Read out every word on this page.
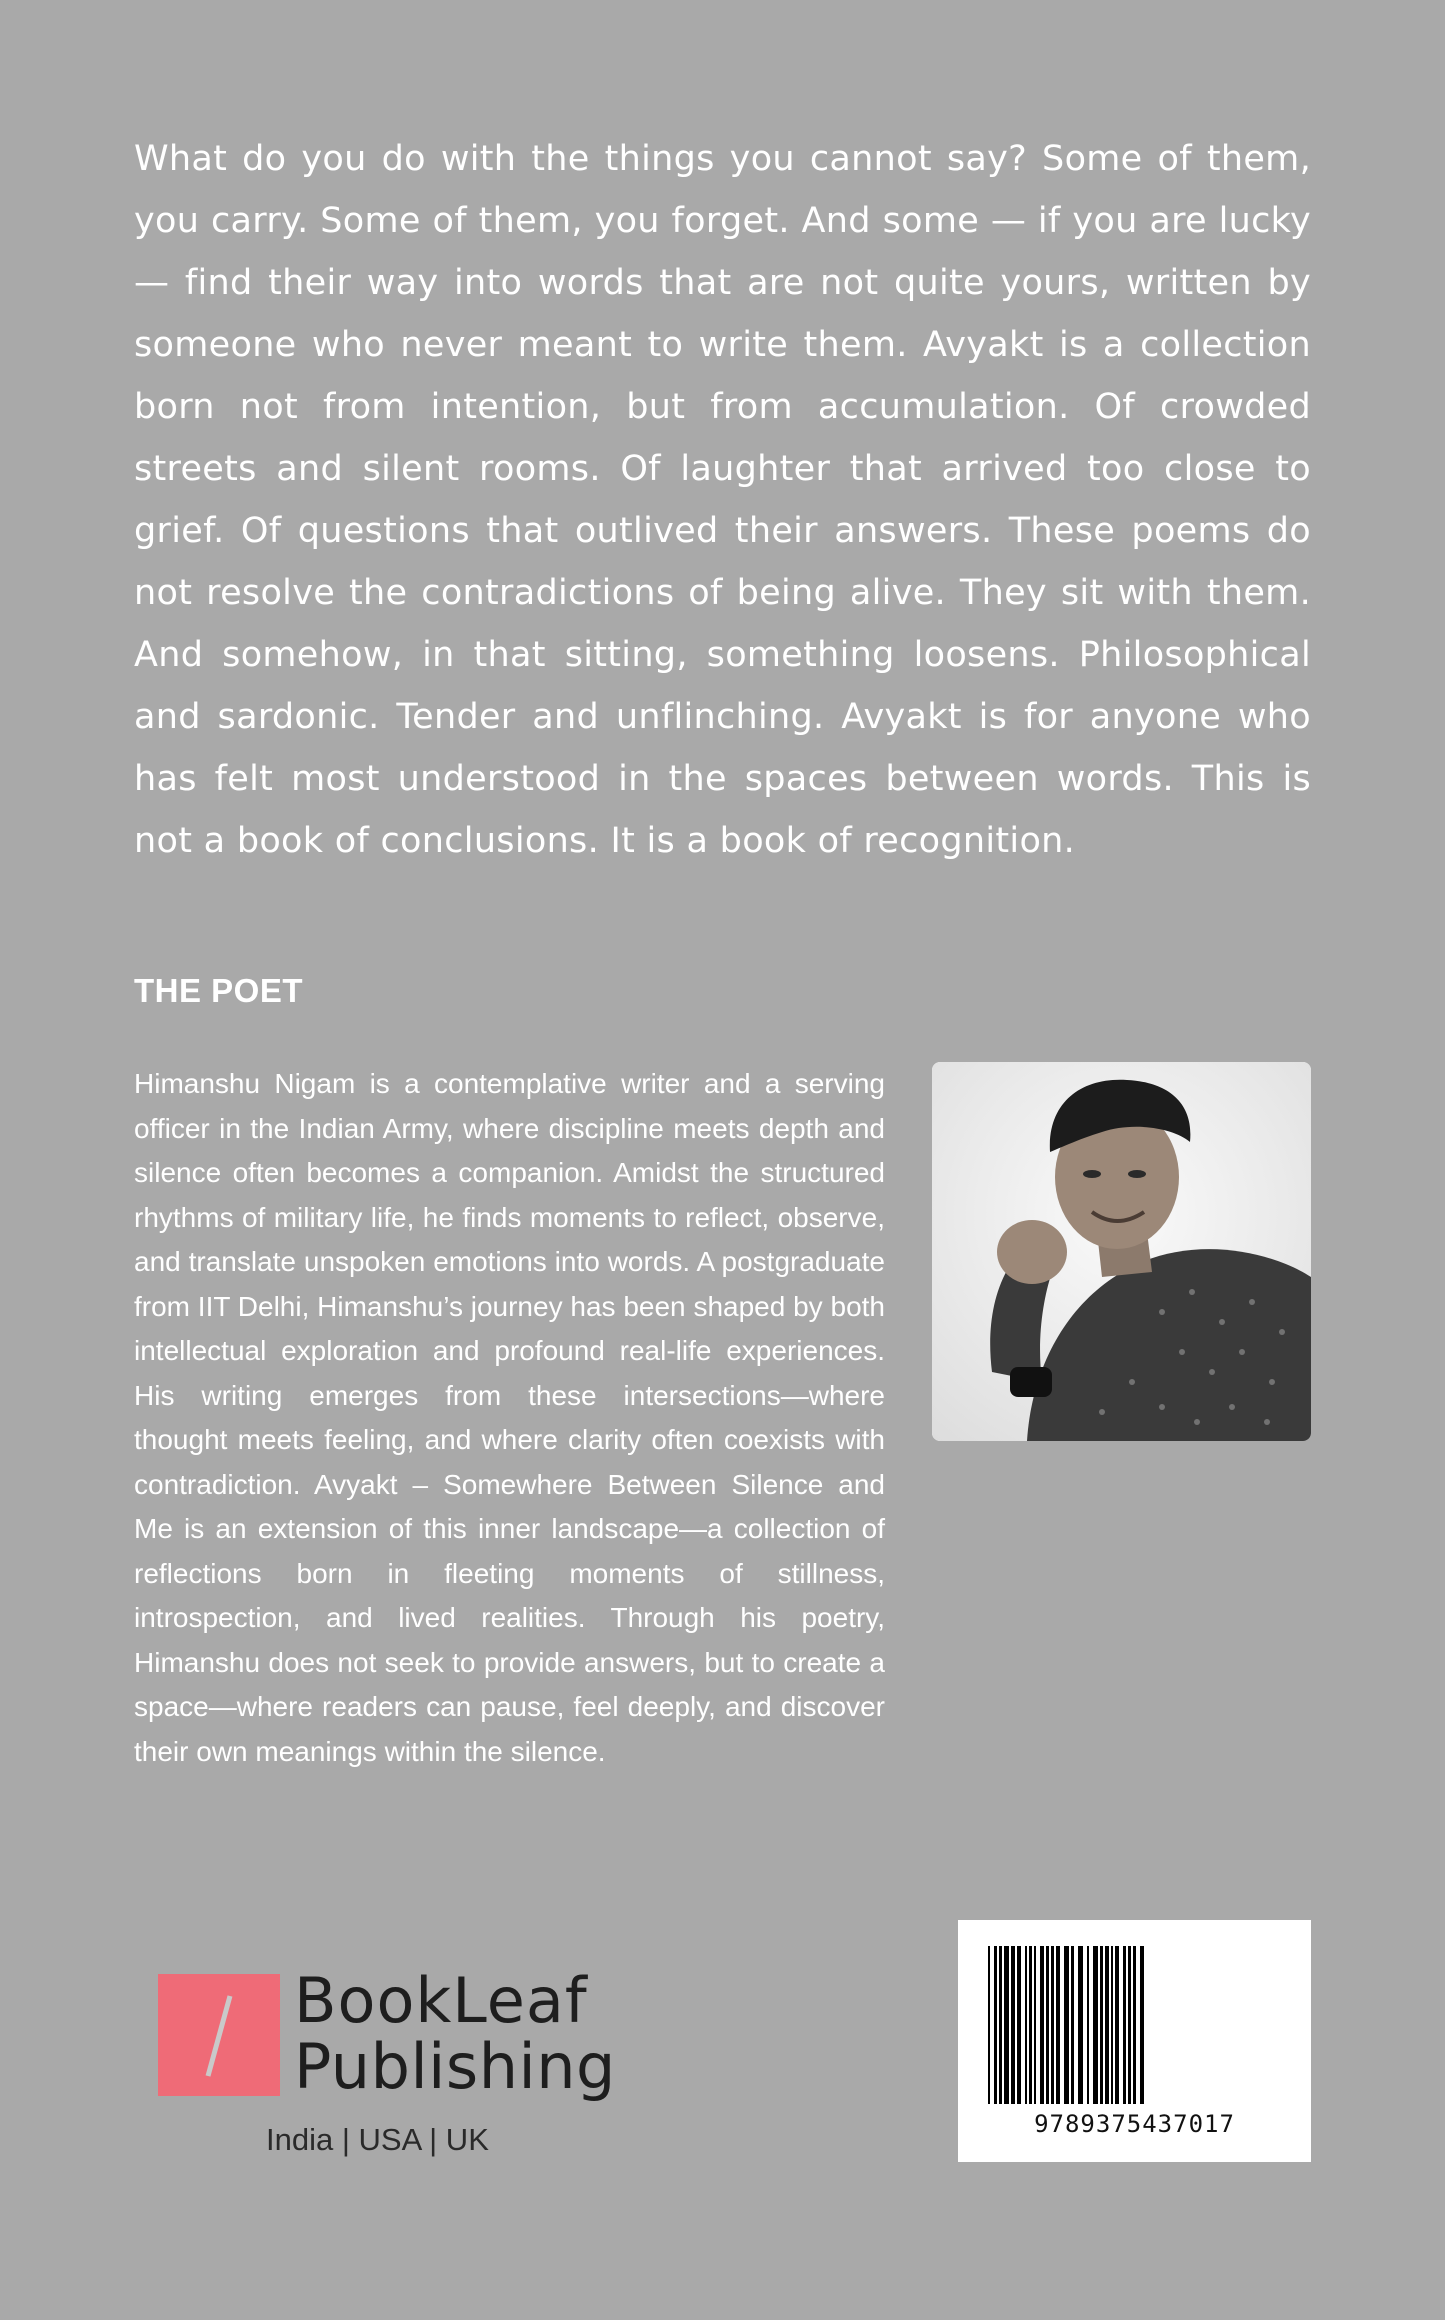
What do you do with the things you cannot say? Some of them, you carry. Some of them, you forget. And some — if you are lucky — find their way into words that are not quite yours, written by someone who never meant to write them. Avyakt is a collection born not from intention, but from accumulation. Of crowded streets and silent rooms. Of laughter that arrived too close to grief. Of questions that outlived their answers. These poems do not resolve the contradictions of being alive. They sit with them. And somehow, in that sitting, something loosens. Philosophical and sardonic. Tender and unflinching. Avyakt is for anyone who has felt most understood in the spaces between words. This is not a book of conclusions. It is a book of recognition.

THE POET

Himanshu Nigam is a contemplative writer and a serving officer in the Indian Army, where discipline meets depth and silence often becomes a companion. Amidst the structured rhythms of military life, he finds moments to reflect, observe, and translate unspoken emotions into words. A postgraduate from IIT Delhi, Himanshu’s journey has been shaped by both intellectual exploration and profound real-life experiences. His writing emerges from these intersections—where thought meets feeling, and where clarity often coexists with contradiction. Avyakt – Somewhere Between Silence and Me is an extension of this inner landscape—a collection of reflections born in fleeting moments of stillness, introspection, and lived realities. Through his poetry, Himanshu does not seek to provide answers, but to create a space—where readers can pause, feel deeply, and discover their own meanings within the silence.

BookLeaf
Publishing
India | USA | UK	9789375437017
